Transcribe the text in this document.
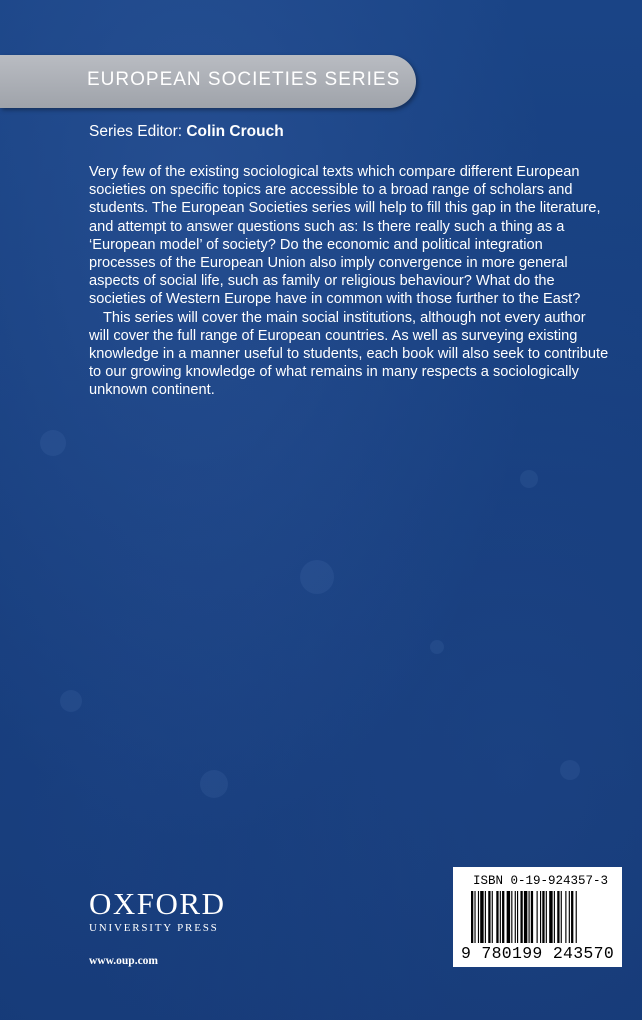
EUROPEAN SOCIETIES SERIES
Series Editor: Colin Crouch

Very few of the existing sociological texts which compare different European societies on specific topics are accessible to a broad range of scholars and students. The European Societies series will help to fill this gap in the literature, and attempt to answer questions such as: Is there really such a thing as a ‘European model’ of society? Do the economic and political integration processes of the European Union also imply convergence in more general aspects of social life, such as family or religious behaviour? What do the societies of Western Europe have in common with those further to the East?

This series will cover the main social institutions, although not every author will cover the full range of European countries. As well as surveying existing knowledge in a manner useful to students, each book will also seek to contribute to our growing knowledge of what remains in many respects a sociologically unknown continent.

OXFORD
UNIVERSITY PRESS
www.oup.com
ISBN 0-19-924357-3
9 780199 243570
